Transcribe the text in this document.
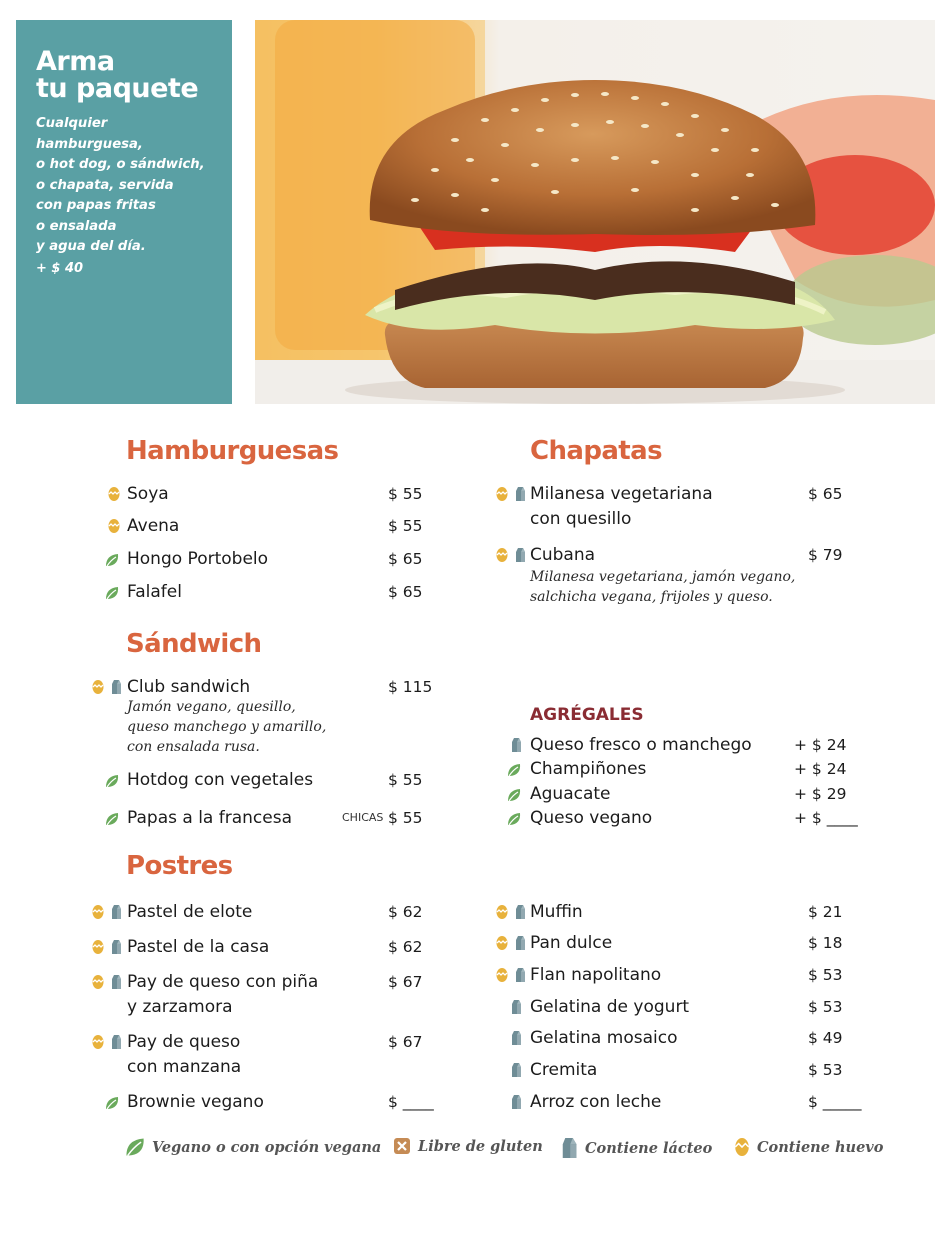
Arma
tu paquete
Cualquier hamburguesa,
o hot dog, o sándwich,
o chapata, servida
con papas fritas
o ensalada
y agua del día.
+ $ 40
Hamburguesas
Soya	$ 55
Avena	$ 55
Hongo Portobelo	$ 65
Falafel	$ 65
Sándwich
Club sandwich
Jamón vegano, quesillo,
queso manchego y amarillo,
con ensalada rusa.
$ 115
Hotdog con vegetales	$ 55
Papas a la francesa	CHICAS $ 55
Chapatas
Milanesa vegetariana
con quesillo
$ 65
Cubana
Milanesa vegetariana, jamón vegano,
salchicha vegana, frijoles y queso.
$ 79
AGRÉGALES
Queso fresco o manchego	+ $ 24
Champiñones	+ $ 24
Aguacate	+ $ 29
Queso vegano	+ $ ____
Postres
Pastel de elote	$ 62
Pastel de la casa	$ 62
Pay de queso con piña
y zarzamora
$ 67
Pay de queso
con manzana
$ 67
Brownie vegano	$ ____
Muffin	$ 21
Pan dulce	$ 18
Flan napolitano	$ 53
Gelatina de yogurt	$ 53
Gelatina mosaico	$ 49
Cremita	$ 53
Arroz con leche	$ _____
Vegano o con opción vegana	Libre de gluten	Contiene lácteo	Contiene huevo
